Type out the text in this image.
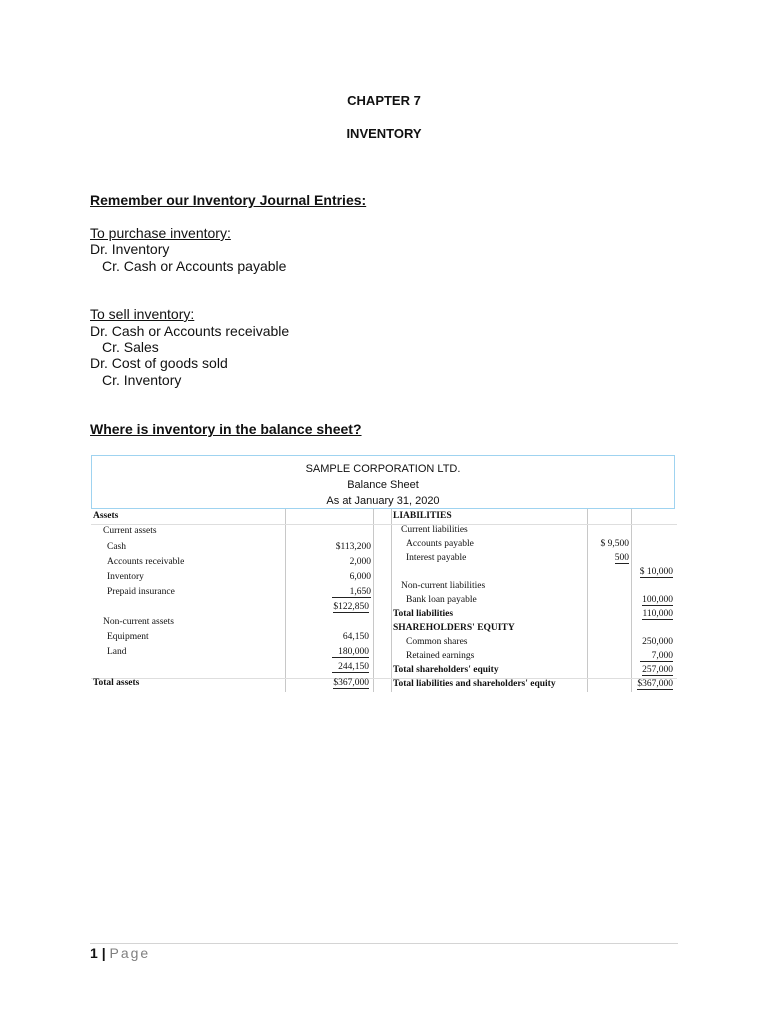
CHAPTER 7
INVENTORY
Remember our Inventory Journal Entries:
To purchase inventory:
Dr. Inventory
Cr. Cash or Accounts payable
To sell inventory:
Dr. Cash or Accounts receivable
Cr. Sales
Dr. Cost of goods sold
Cr. Inventory
Where is inventory in the balance sheet?
SAMPLE CORPORATION LTD.
Balance Sheet
As at January 31, 2020
Assets
Current assets
Cash	$113,200
Accounts receivable	2,000
Inventory	6,000
Prepaid insurance	1,650
$122,850
Non-current assets
Equipment	64,150
Land	180,000
244,150
Total assets	$367,000
LIABILITIES
Current liabilities
Accounts payable	$ 9,500
Interest payable	500
$ 10,000
Non-current liabilities
Bank loan payable	100,000
Total liabilities	110,000
SHAREHOLDERS' EQUITY
Common shares	250,000
Retained earnings	7,000
Total shareholders' equity	257,000
Total liabilities and shareholders' equity	$367,000
1 | Page
